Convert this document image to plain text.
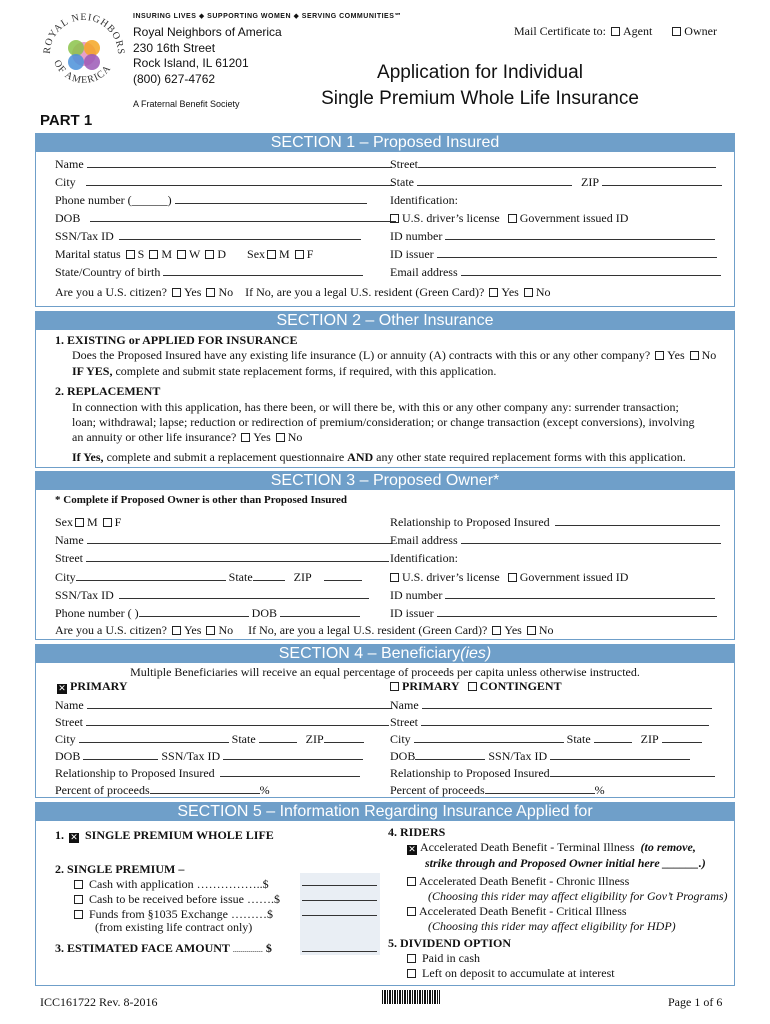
ROYAL NEIGHBORS
OF AMERICA
INSURING LIVES ◆ SUPPORTING WOMEN ◆ SERVING COMMUNITIES℠
Royal Neighbors of America
230 16th Street
Rock Island, IL 61201
(800) 627-4762
A Fraternal Benefit Society
Mail Certificate to: Agent	Owner
Application for Individual
Single Premium Whole Life Insurance
PART 1
SECTION 1 – Proposed Insured
Name	Street
City	State	ZIP
Phone number (______)	Identification:
DOB	U.S. driver’s license Government issued ID
SSN/Tax ID	ID number
Marital status S M W D Sex M F	ID issuer
State/Country of birth	Email address
Are you a U.S. citizen? Yes No If No, are you a legal U.S. resident (Green Card)? Yes No
SECTION 2 – Other Insurance
1. EXISTING or APPLIED FOR INSURANCE
Does the Proposed Insured have any existing life insurance (L) or annuity (A) contracts with this or any other company? Yes No
IF YES, complete and submit state replacement forms, if required, with this application.
2. REPLACEMENT
In connection with this application, has there been, or will there be, with this or any other company any: surrender transaction;
loan; withdrawal; lapse; reduction or redirection of premium/consideration; or change transaction (except conversions), involving
an annuity or other life insurance? Yes No
If Yes, complete and submit a replacement questionnaire AND any other state required replacement forms with this application.
SECTION 3 – Proposed Owner*
* Complete if Proposed Owner is other than Proposed Insured
Sex M F	Relationship to Proposed Insured
Name	Email address
Street	Identification:
City	State	ZIP	U.S. driver’s license Government issued ID
SSN/Tax ID	ID number
Phone number ( )	DOB	ID issuer
Are you a U.S. citizen? Yes No If No, are you a legal U.S. resident (Green Card)? Yes No
SECTION 4 – Beneficiary(ies)
Multiple Beneficiaries will receive an equal percentage of proceeds per capita unless otherwise instructed.
✕ PRIMARY	PRIMARY CONTINGENT
Name	Name
Street	Street
City	State	ZIP	City	State	ZIP
DOB	SSN/Tax ID	DOB	SSN/Tax ID
Relationship to Proposed Insured	Relationship to Proposed Insured
Percent of proceeds	%	Percent of proceeds	%
SECTION 5 – Information Regarding Insurance Applied for
1. ✕ SINGLE PREMIUM WHOLE LIFE
2. SINGLE PREMIUM –
Cash with application ……………..$
Cash to be received before issue …….$
Funds from §1035 Exchange ………$
(from existing life contract only)
3. ESTIMATED FACE AMOUNT ............... $
4. RIDERS
✕ Accelerated Death Benefit - Terminal Illness (to remove,
strike through and Proposed Owner initial here ______.)
Accelerated Death Benefit - Chronic Illness
(Choosing this rider may affect eligibility for Gov’t Programs)
Accelerated Death Benefit - Critical Illness
(Choosing this rider may affect eligibility for HDP)
5. DIVIDEND OPTION
Paid in cash
Left on deposit to accumulate at interest
ICC161722 Rev. 8-2016	Page 1 of 6
